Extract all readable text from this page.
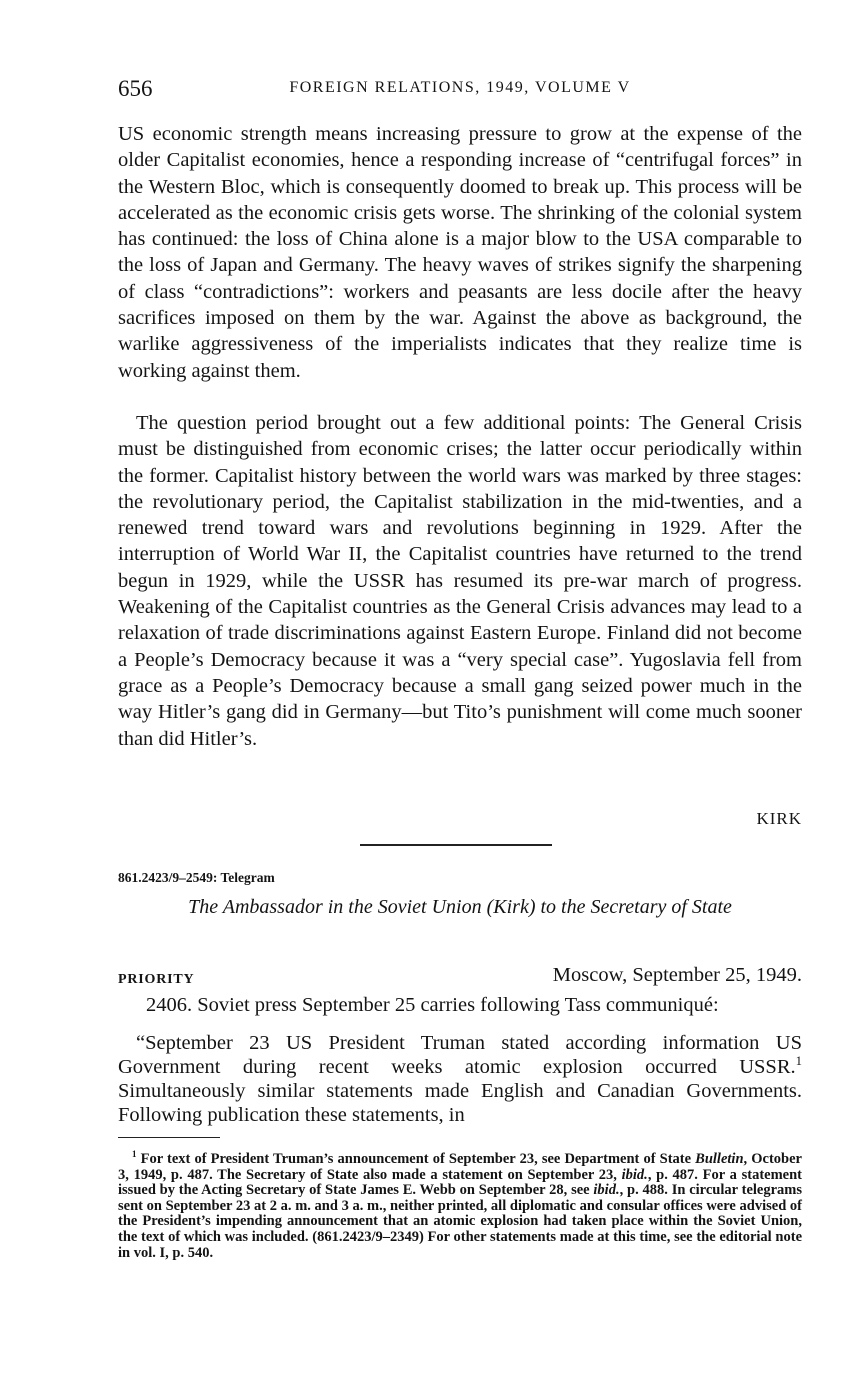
656	FOREIGN RELATIONS, 1949, VOLUME V

US economic strength means increasing pressure to grow at the expense of the older Capitalist economies, hence a responding increase of “centrifugal forces” in the Western Bloc, which is consequently doomed to break up. This process will be accelerated as the economic crisis gets worse. The shrinking of the colonial system has continued: the loss of China alone is a major blow to the USA comparable to the loss of Japan and Germany. The heavy waves of strikes signify the sharpening of class “contradictions”: workers and peasants are less docile after the heavy sacrifices imposed on them by the war. Against the above as background, the warlike aggressiveness of the imperialists indicates that they realize time is working against them.

The question period brought out a few additional points: The General Crisis must be distinguished from economic crises; the latter occur periodically within the former. Capitalist history between the world wars was marked by three stages: the revolutionary period, the Capitalist stabilization in the mid-twenties, and a renewed trend toward wars and revolutions beginning in 1929. After the interruption of World War II, the Capitalist countries have returned to the trend begun in 1929, while the USSR has resumed its pre-war march of progress. Weakening of the Capitalist countries as the General Crisis advances may lead to a relaxation of trade discriminations against Eastern Europe. Finland did not become a People’s Democracy because it was a “very special case”. Yugoslavia fell from grace as a People’s Democracy because a small gang seized power much in the way Hitler’s gang did in Germany—but Tito’s punishment will come much sooner than did Hitler’s.

KIRK
861.2423/9–2549: Telegram
The Ambassador in the Soviet Union (Kirk) to the Secretary of State
PRIORITY	Moscow, September 25, 1949.

2406. Soviet press September 25 carries following Tass communiqué:

“September 23 US President Truman stated according information US Government during recent weeks atomic explosion occurred USSR.$^1$ Simultaneously similar statements made English and Canadian Governments. Following publication these statements, in

$^1$ For text of President Truman’s announcement of September 23, see Department of State Bulletin, October 3, 1949, p. 487. The Secretary of State also made a statement on September 23, ibid., p. 487. For a statement issued by the Acting Secretary of State James E. Webb on September 28, see ibid., p. 488. In circular telegrams sent on September 23 at 2 a. m. and 3 a. m., neither printed, all diplomatic and consular offices were advised of the President’s impending announcement that an atomic explosion had taken place within the Soviet Union, the text of which was included. (861.2423/9–2349) For other statements made at this time, see the editorial note in vol. I, p. 540.
